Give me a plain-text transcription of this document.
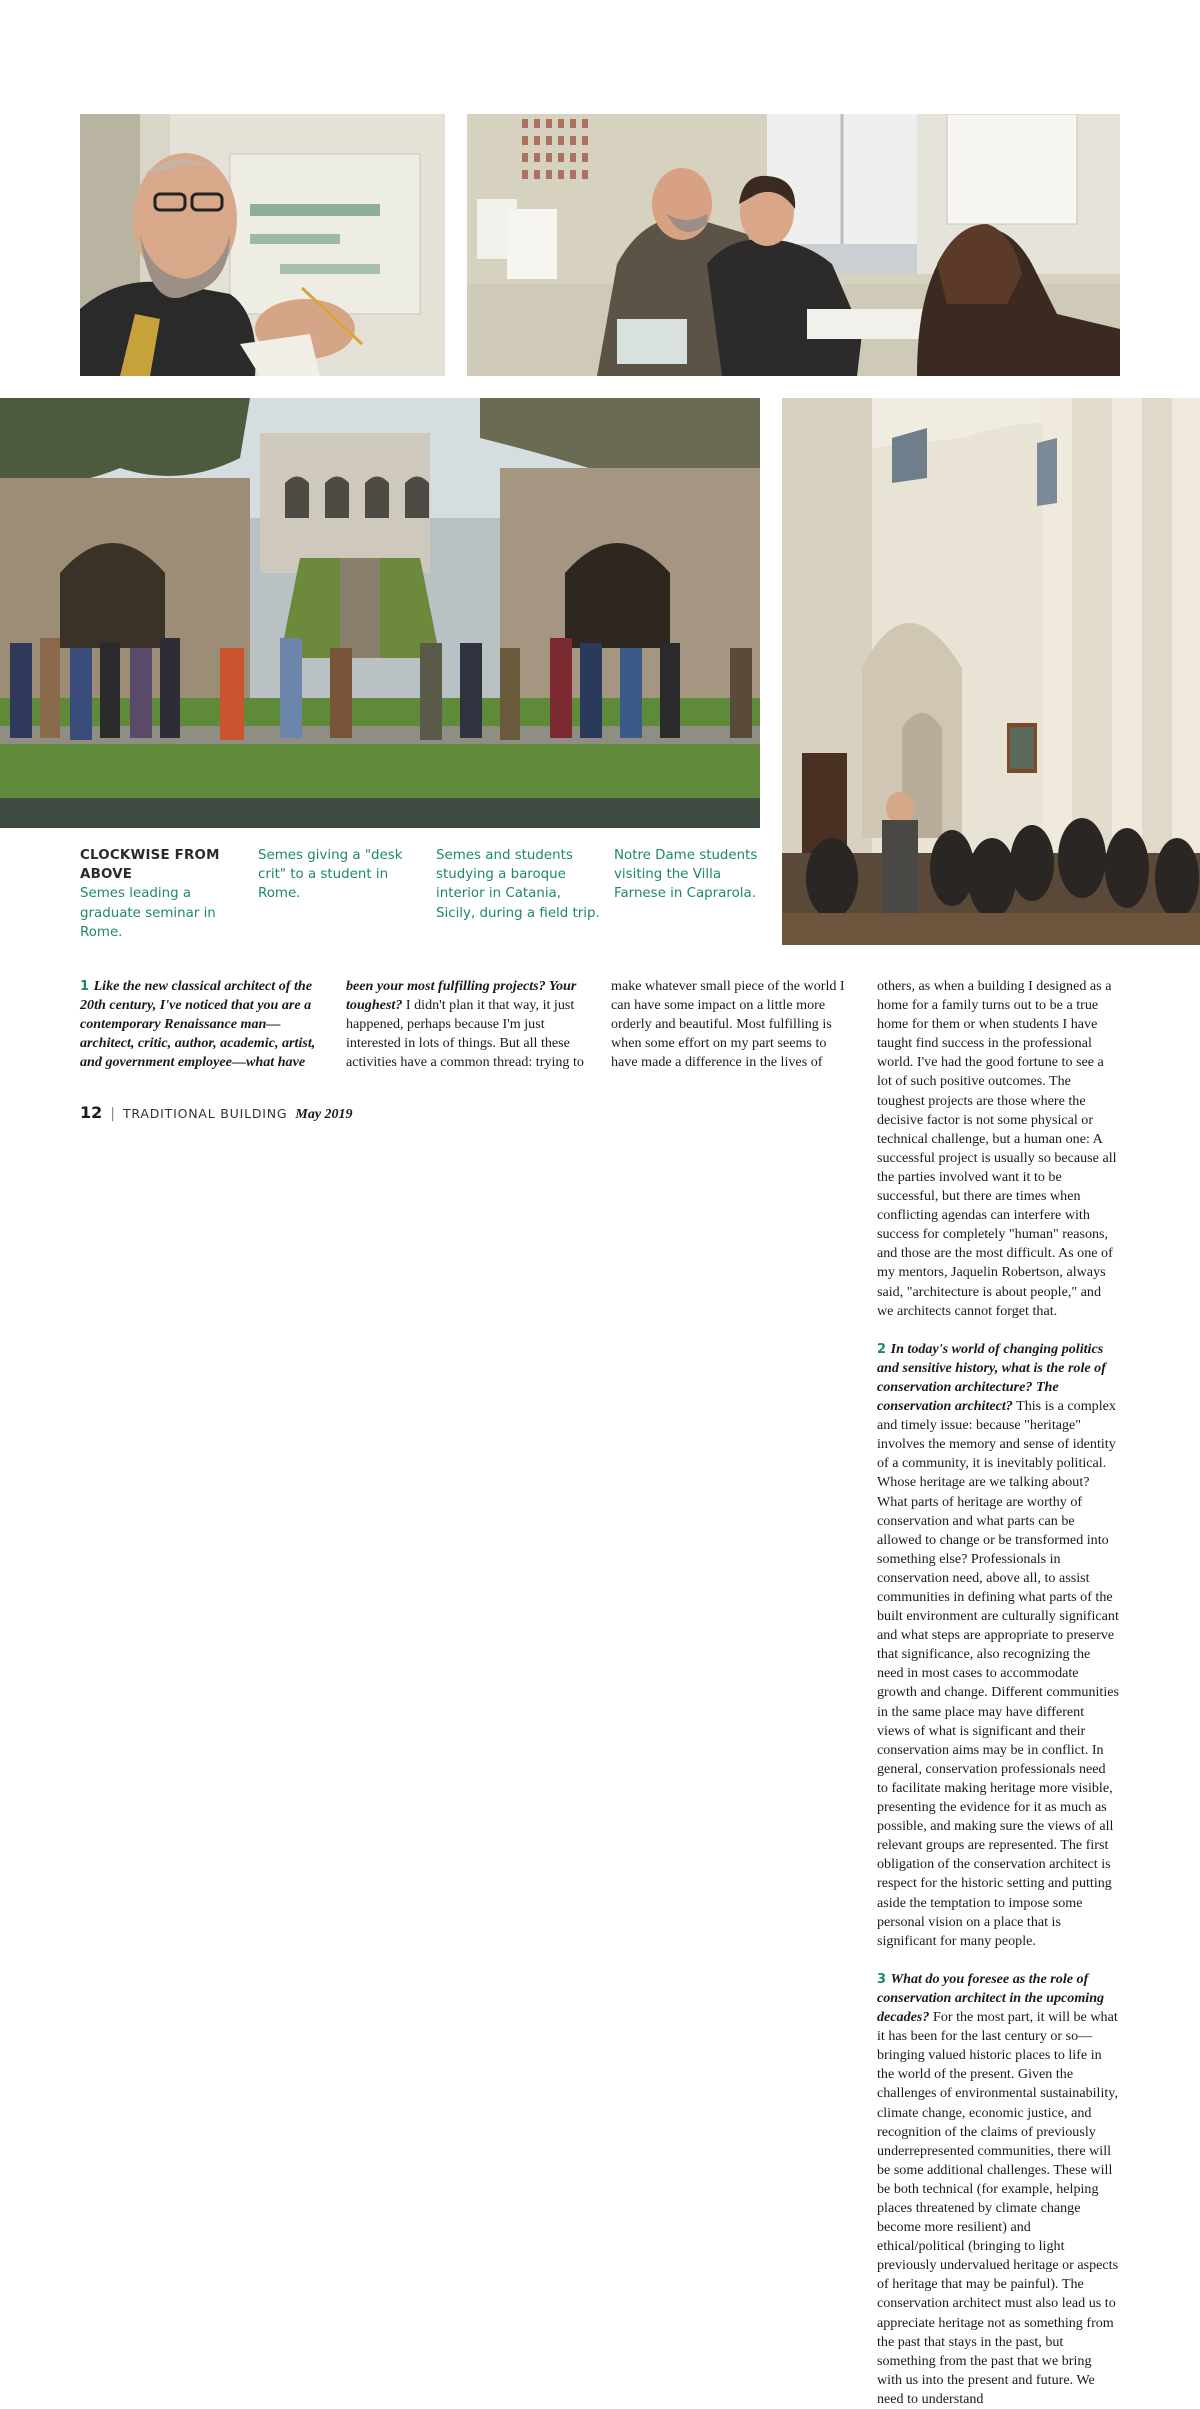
CLOCKWISE FROM ABOVE
Semes leading a graduate seminar in Rome.
Semes giving a "desk crit" to a student in Rome.
Semes and students studying a baroque interior in Catania, Sicily, during a field trip.
Notre Dame students visiting the Villa Farnese in Caprarola.

1 Like the new classical architect of the 20th century, I've noticed that you are a contemporary Renaissance man—architect, critic, author, academic, artist, and government employee—what have

been your most fulfilling projects? Your toughest? I didn't plan it that way, it just happened, perhaps because I'm just interested in lots of things. But all these activities have a common thread: trying to

make whatever small piece of the world I can have some impact on a little more orderly and beautiful. Most fulfilling is when some effort on my part seems to have made a difference in the lives of

others, as when a building I designed as a home for a family turns out to be a true home for them or when students I have taught find success in the professional world. I've had the good fortune to see a lot of such positive outcomes. The toughest projects are those where the decisive factor is not some physical or technical challenge, but a human one: A successful project is usually so because all the parties involved want it to be successful, but there are times when conflicting agendas can interfere with success for completely "human" reasons, and those are the most difficult. As one of my mentors, Jaquelin Robertson, always said, "architecture is about people," and we architects cannot forget that.

2 In today's world of changing politics and sensitive history, what is the role of conservation architecture? The conservation architect? This is a complex and timely issue: because "heritage" involves the memory and sense of identity of a community, it is inevitably political. Whose heritage are we talking about? What parts of heritage are worthy of conservation and what parts can be allowed to change or be transformed into something else? Professionals in conservation need, above all, to assist communities in defining what parts of the built environment are culturally significant and what steps are appropriate to preserve that significance, also recognizing the need in most cases to accommodate growth and change. Different communities in the same place may have different views of what is significant and their conservation aims may be in conflict. In general, conservation professionals need to facilitate making heritage more visible, presenting the evidence for it as much as possible, and making sure the views of all relevant groups are represented. The first obligation of the conservation architect is respect for the historic setting and putting aside the temptation to impose some personal vision on a place that is significant for many people.

3 What do you foresee as the role of conservation architect in the upcoming decades? For the most part, it will be what it has been for the last century or so—bringing valued historic places to life in the world of the present. Given the challenges of environmental sustainability, climate change, economic justice, and recognition of the claims of previously underrepresented communities, there will be some additional challenges. These will be both technical (for example, helping places threatened by climate change become more resilient) and ethical/political (bringing to light previously undervalued heritage or aspects of heritage that may be painful). The conservation architect must also lead us to appreciate heritage not as something from the past that stays in the past, but something from the past that we bring with us into the present and future. We need to understand

12 | TRADITIONAL BUILDING May 2019
